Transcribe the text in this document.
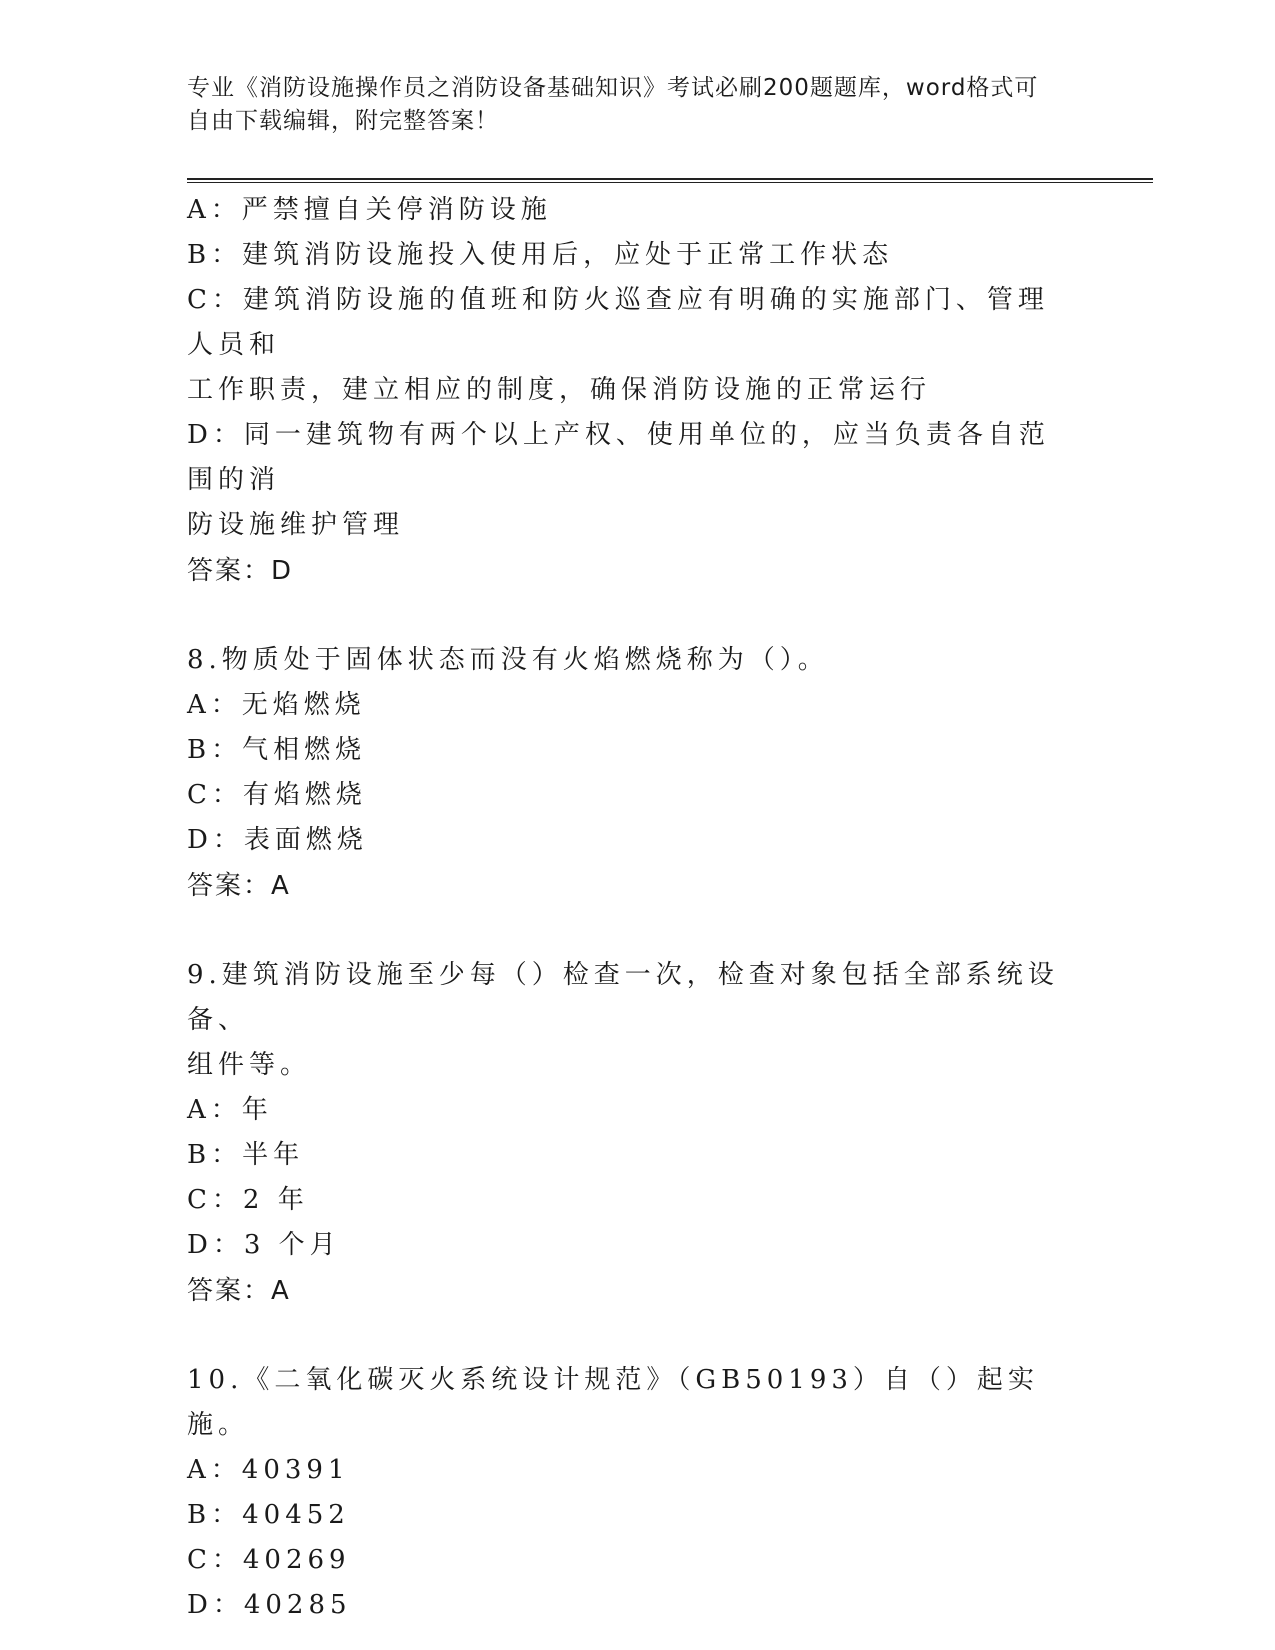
专业《消防设施操作员之消防设备基础知识》考试必刷200题题库，word格式可
自由下载编辑，附完整答案！
A：严禁擅自关停消防设施
B：建筑消防设施投入使用后，应处于正常工作状态
C：建筑消防设施的值班和防火巡查应有明确的实施部门、管理人员和
工作职责，建立相应的制度，确保消防设施的正常运行
D：同一建筑物有两个以上产权、使用单位的，应当负责各自范围的消
防设施维护管理
答案：D
8.物质处于固体状态而没有火焰燃烧称为（）。
A：无焰燃烧
B：气相燃烧
C：有焰燃烧
D：表面燃烧
答案：A
9.建筑消防设施至少每（）检查一次，检查对象包括全部系统设备、
组件等。
A：年
B：半年
C：2 年
D：3 个月
答案：A
10.《二氧化碳灭火系统设计规范》（GB50193）自（）起实施。
A：40391
B：40452
C：40269
D：40285
